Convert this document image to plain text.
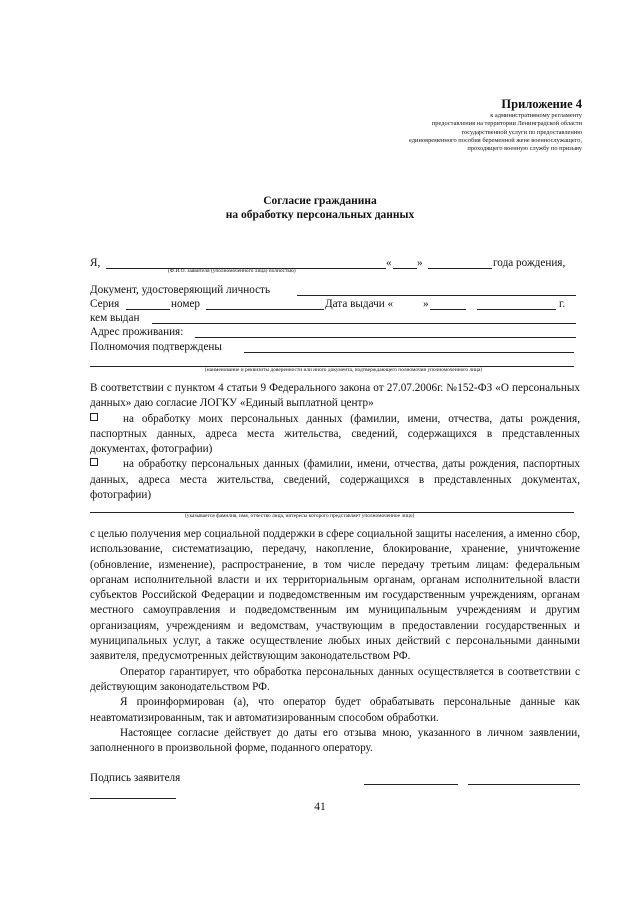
Приложение 4
к административному регламенту
предоставления на территории Ленинградской области
государственной услуги по предоставлению
единовременного пособия беременной жене военнослужащего,
проходящего военную службу по призыву
Согласие гражданина
на обработку персональных данных
Я,	« »	года рождения,
(Ф.И.О. заявителя (уполномоченного лица) полностью)
Документ, удостоверяющий личность
Серия	номер	Дата выдачи «	»	г.
кем выдан
Адрес проживания:
Полномочия подтверждены
(наименование и реквизиты доверенности или иного документа, подтверждающего полномочия уполномоченного лица)

В соответствии с пунктом 4 статьи 9 Федерального закона от 27.07.2006г. №152-ФЗ «О персональных данных» даю согласие ЛОГКУ «Единый выплатной центр»

на обработку моих персональных данных (фамилии, имени, отчества, даты рождения, паспортных данных, адреса места жительства, сведений, содержащихся в представленных документах, фотографии)

на обработку персональных данных (фамилии, имени, отчества, даты рождения, паспортных данных, адреса места жительства, сведений, содержащихся в представленных документах, фотографии)

(указывается фамилия, имя, отчество лица, интересы которого представляет уполномоченное лицо)

с целью получения мер социальной поддержки в сфере социальной защиты населения, а именно сбор, использование, систематизацию, передачу, накопление, блокирование, хранение, уничтожение (обновление, изменение), распространение, в том числе передачу третьим лицам: федеральным органам исполнительной власти и их территориальным органам, органам исполнительной власти субъектов Российской Федерации и подведомственным им государственным учреждениям, органам местного самоуправления и подведомственным им муниципальным учреждениям и другим организациям, учреждениям и ведомствам, участвующим в предоставлении государственных и муниципальных услуг, а также осуществление любых иных действий с персональными данными заявителя, предусмотренных действующим законодательством РФ.

Оператор гарантирует, что обработка персональных данных осуществляется в соответствии с действующим законодательством РФ.

Я проинформирован (а), что оператор будет обрабатывать персональные данные как неавтоматизированным, так и автоматизированным способом обработки.

Настоящее согласие действует до даты его отзыва мною, указанного в личном заявлении, заполненного в произвольной форме, поданного оператору.

Подпись заявителя
41
